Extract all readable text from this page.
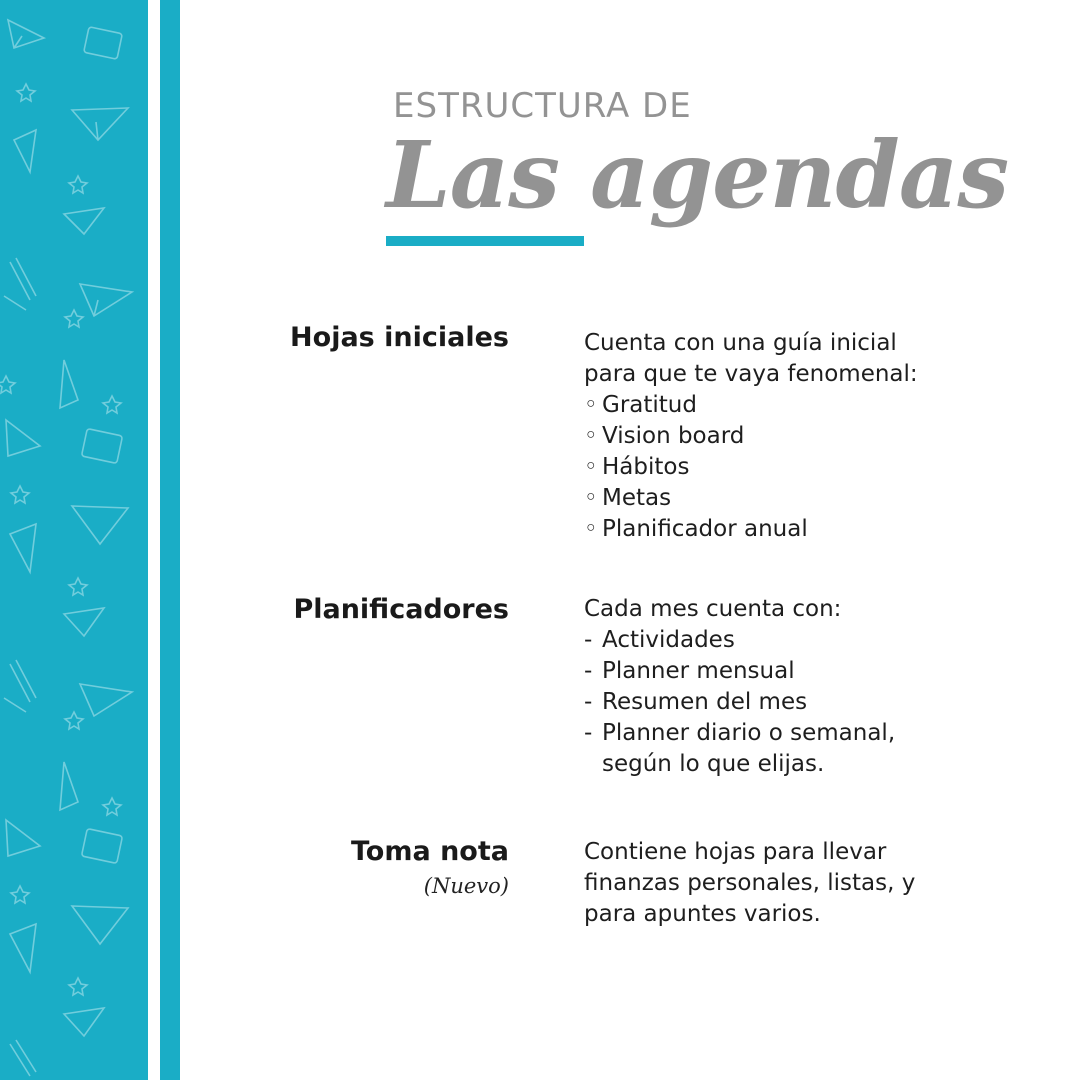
ESTRUCTURA DE
Las agendas
Hojas iniciales	Cuenta con una guía inicial
para que te vaya fenomenal:
◦ Gratitud
◦ Vision board
◦ Hábitos
◦ Metas
◦ Planificador anual
Planificadores	Cada mes cuenta con:
- Actividades
- Planner mensual
- Resumen del mes
- Planner diario o semanal,
según lo que elijas.
Toma nota

(Nuevo)

Contiene hojas para llevar
finanzas personales, listas, y
para apuntes varios.
